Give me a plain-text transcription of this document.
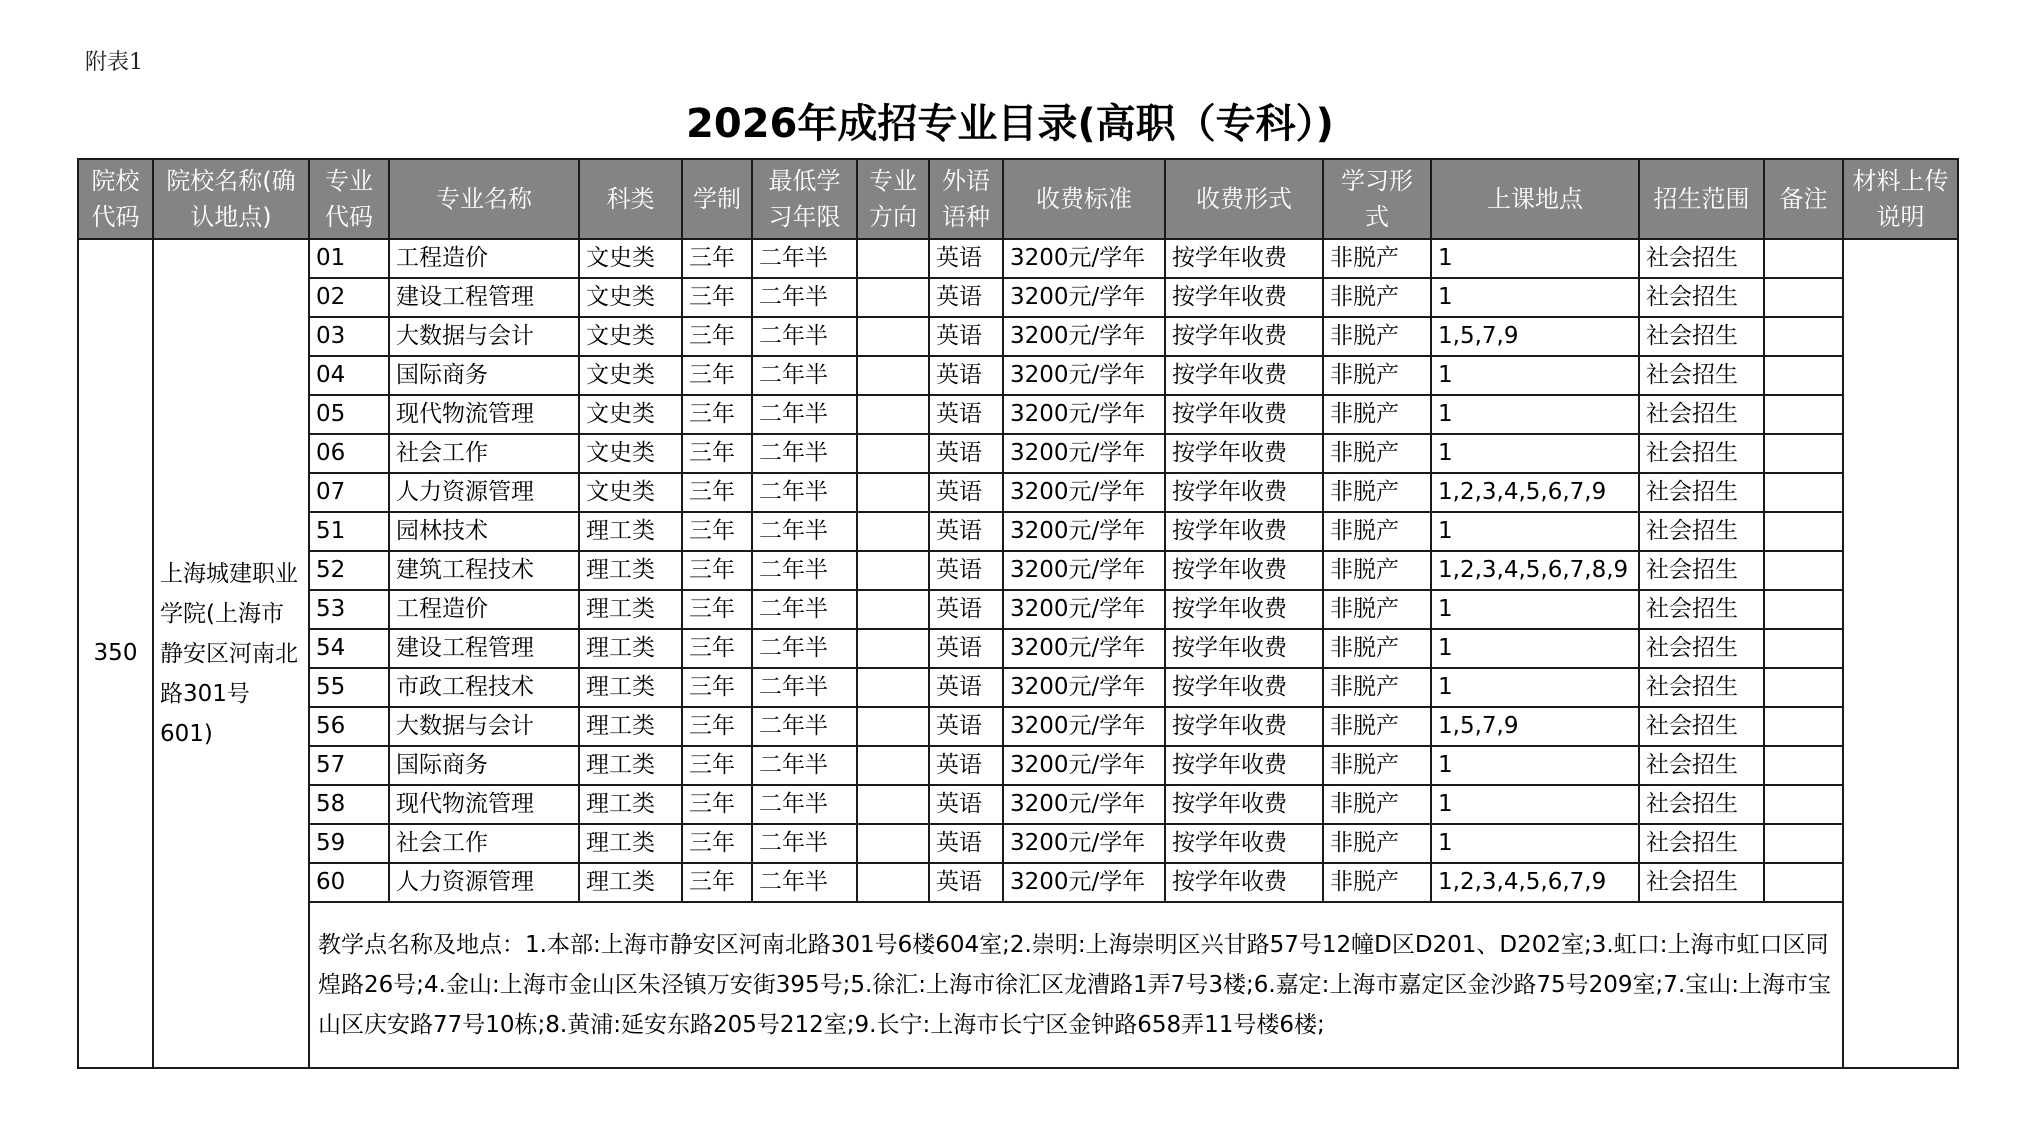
附表1
2026年成招专业目录(高职（专科）)
院校代码	院校名称(确认地点)	专业代码	专业名称	科类	学制	最低学习年限	专业方向	外语语种	收费标准	收费形式	学习形式	上课地点	招生范围	备注	材料上传说明
350	上海城建职业学院(上海市静安区河南北路301号601)	01	工程造价	文史类	三年	二年半		英语	3200元/学年	按学年收费	非脱产	1	社会招生		
		02	建设工程管理	文史类	三年	二年半		英语	3200元/学年	按学年收费	非脱产	1	社会招生		
		03	大数据与会计	文史类	三年	二年半		英语	3200元/学年	按学年收费	非脱产	1,5,7,9	社会招生		
		04	国际商务	文史类	三年	二年半		英语	3200元/学年	按学年收费	非脱产	1	社会招生		
		05	现代物流管理	文史类	三年	二年半		英语	3200元/学年	按学年收费	非脱产	1	社会招生		
		06	社会工作	文史类	三年	二年半		英语	3200元/学年	按学年收费	非脱产	1	社会招生		
		07	人力资源管理	文史类	三年	二年半		英语	3200元/学年	按学年收费	非脱产	1,2,3,4,5,6,7,9	社会招生		
		51	园林技术	理工类	三年	二年半		英语	3200元/学年	按学年收费	非脱产	1	社会招生		
		52	建筑工程技术	理工类	三年	二年半		英语	3200元/学年	按学年收费	非脱产	1,2,3,4,5,6,7,8,9	社会招生		
		53	工程造价	理工类	三年	二年半		英语	3200元/学年	按学年收费	非脱产	1	社会招生		
		54	建设工程管理	理工类	三年	二年半		英语	3200元/学年	按学年收费	非脱产	1	社会招生		
		55	市政工程技术	理工类	三年	二年半		英语	3200元/学年	按学年收费	非脱产	1	社会招生		
		56	大数据与会计	理工类	三年	二年半		英语	3200元/学年	按学年收费	非脱产	1,5,7,9	社会招生		
		57	国际商务	理工类	三年	二年半		英语	3200元/学年	按学年收费	非脱产	1	社会招生		
		58	现代物流管理	理工类	三年	二年半		英语	3200元/学年	按学年收费	非脱产	1	社会招生		
		59	社会工作	理工类	三年	二年半		英语	3200元/学年	按学年收费	非脱产	1	社会招生		
		60	人力资源管理	理工类	三年	二年半		英语	3200元/学年	按学年收费	非脱产	1,2,3,4,5,6,7,9	社会招生		
		教学点名称及地点：1.本部:上海市静安区河南北路301号6楼604室;2.崇明:上海崇明区兴甘路57号12幢D区D201、D202室;3.虹口:上海市虹口区同煌路26号;4.金山:上海市金山区朱泾镇万安街395号;5.徐汇:上海市徐汇区龙漕路1弄7号3楼;6.嘉定:上海市嘉定区金沙路75号209室;7.宝山:上海市宝山区庆安路77号10栋;8.黄浦:延安东路205号212室;9.长宁:上海市长宁区金钟路658弄11号楼6楼;													
